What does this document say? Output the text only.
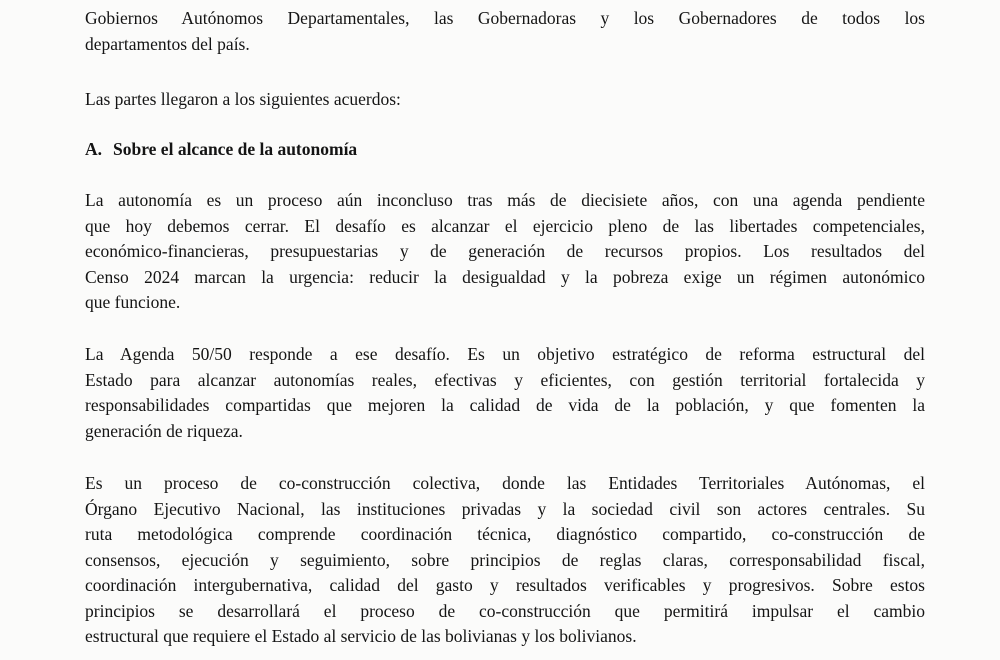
Gobiernos Autónomos Departamentales, las Gobernadoras y los Gobernadores de todos los
departamentos del país.
Las partes llegaron a los siguientes acuerdos:
A. Sobre el alcance de la autonomía
La autonomía es un proceso aún inconcluso tras más de diecisiete años, con una agenda pendiente
que hoy debemos cerrar. El desafío es alcanzar el ejercicio pleno de las libertades competenciales,
económico-financieras, presupuestarias y de generación de recursos propios. Los resultados del
Censo 2024 marcan la urgencia: reducir la desigualdad y la pobreza exige un régimen autonómico
que funcione.
La Agenda 50/50 responde a ese desafío. Es un objetivo estratégico de reforma estructural del
Estado para alcanzar autonomías reales, efectivas y eficientes, con gestión territorial fortalecida y
responsabilidades compartidas que mejoren la calidad de vida de la población, y que fomenten la
generación de riqueza.
Es un proceso de co-construcción colectiva, donde las Entidades Territoriales Autónomas, el
Órgano Ejecutivo Nacional, las instituciones privadas y la sociedad civil son actores centrales. Su
ruta metodológica comprende coordinación técnica, diagnóstico compartido, co-construcción de
consensos, ejecución y seguimiento, sobre principios de reglas claras, corresponsabilidad fiscal,
coordinación intergubernativa, calidad del gasto y resultados verificables y progresivos. Sobre estos
principios se desarrollará el proceso de co-construcción que permitirá impulsar el cambio
estructural que requiere el Estado al servicio de las bolivianas y los bolivianos.
